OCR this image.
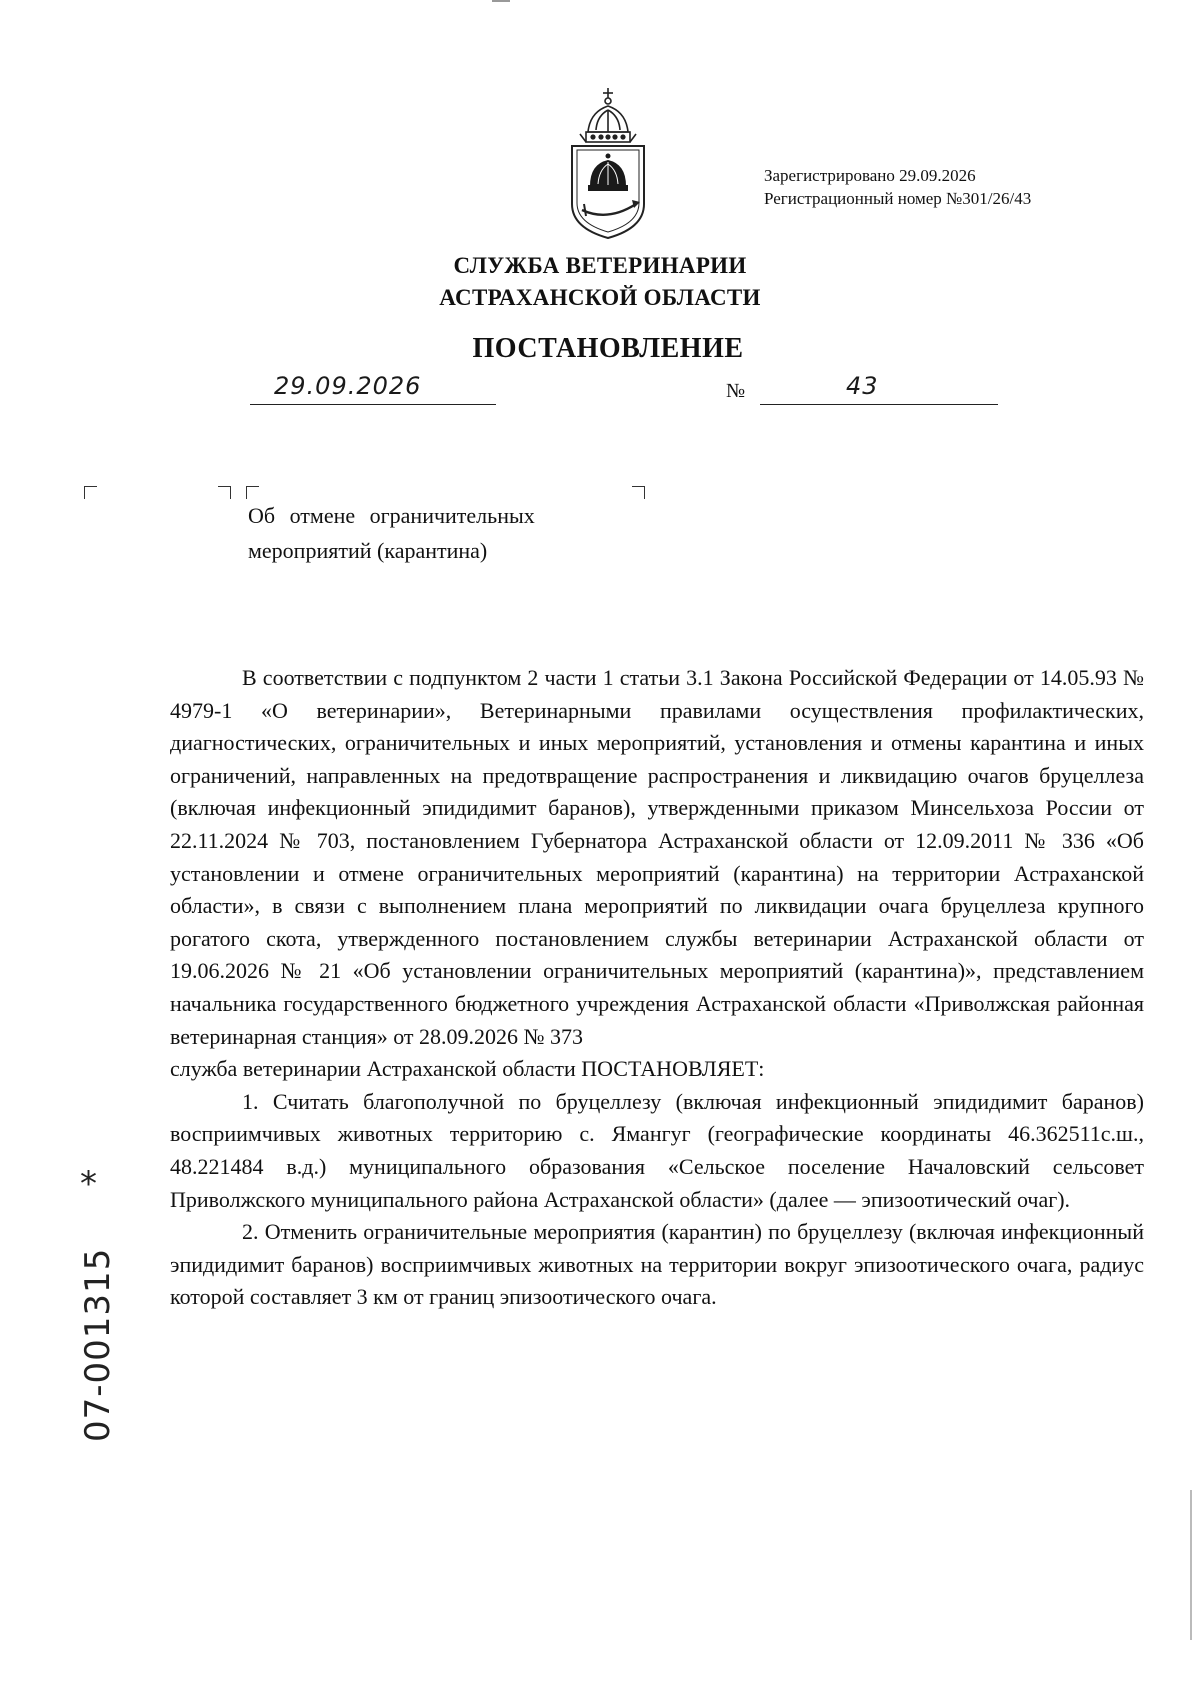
Зарегистрировано 29.09.2026
Регистрационный номер №301/26/43
СЛУЖБА ВЕТЕРИНАРИИ
АСТРАХАНСКОЙ ОБЛАСТИ
ПОСТАНОВЛЕНИЕ
29.09.2026	№	43
Об отмене ограничительных
мероприятий (карантина)

В соответствии с подпунктом 2 части 1 статьи 3.1 Закона Российской Федерации от 14.05.93 № 4979-1 «О ветеринарии», Ветеринарными правилами осуществления профилактических, диагностических, ограничительных и иных мероприятий, установления и отмены карантина и иных ограничений, направленных на предотвращение распространения и ликвидацию очагов бруцеллеза (включая инфекционный эпидидимит баранов), утвержденными приказом Минсельхоза России от 22.11.2024 № 703, постановлением Губернатора Астраханской области от 12.09.2011 № 336 «Об установлении и отмене ограничительных мероприятий (карантина) на территории Астраханской области», в связи с выполнением плана мероприятий по ликвидации очага бруцеллеза крупного рогатого скота, утвержденного постановлением службы ветеринарии Астраханской области от 19.06.2026 № 21 «Об установлении ограничительных мероприятий (карантина)», представлением начальника государственного бюджетного учреждения Астраханской области «Приволжская районная ветеринарная станция» от 28.09.2026 № 373

служба ветеринарии Астраханской области ПОСТАНОВЛЯЕТ:

1. Считать благополучной по бруцеллезу (включая инфекционный эпидидимит баранов) восприимчивых животных территорию с. Ямангуг (географические координаты 46.362511с.ш., 48.221484 в.д.) муниципального образования «Сельское поселение Началовский сельсовет Приволжского муниципального района Астраханской области» (далее — эпизоотический очаг).

2. Отменить ограничительные мероприятия (карантин) по бруцеллезу (включая инфекционный эпидидимит баранов) восприимчивых животных на территории вокруг эпизоотического очага, радиус которой составляет 3 км от границ эпизоотического очага.

*
07-001315
